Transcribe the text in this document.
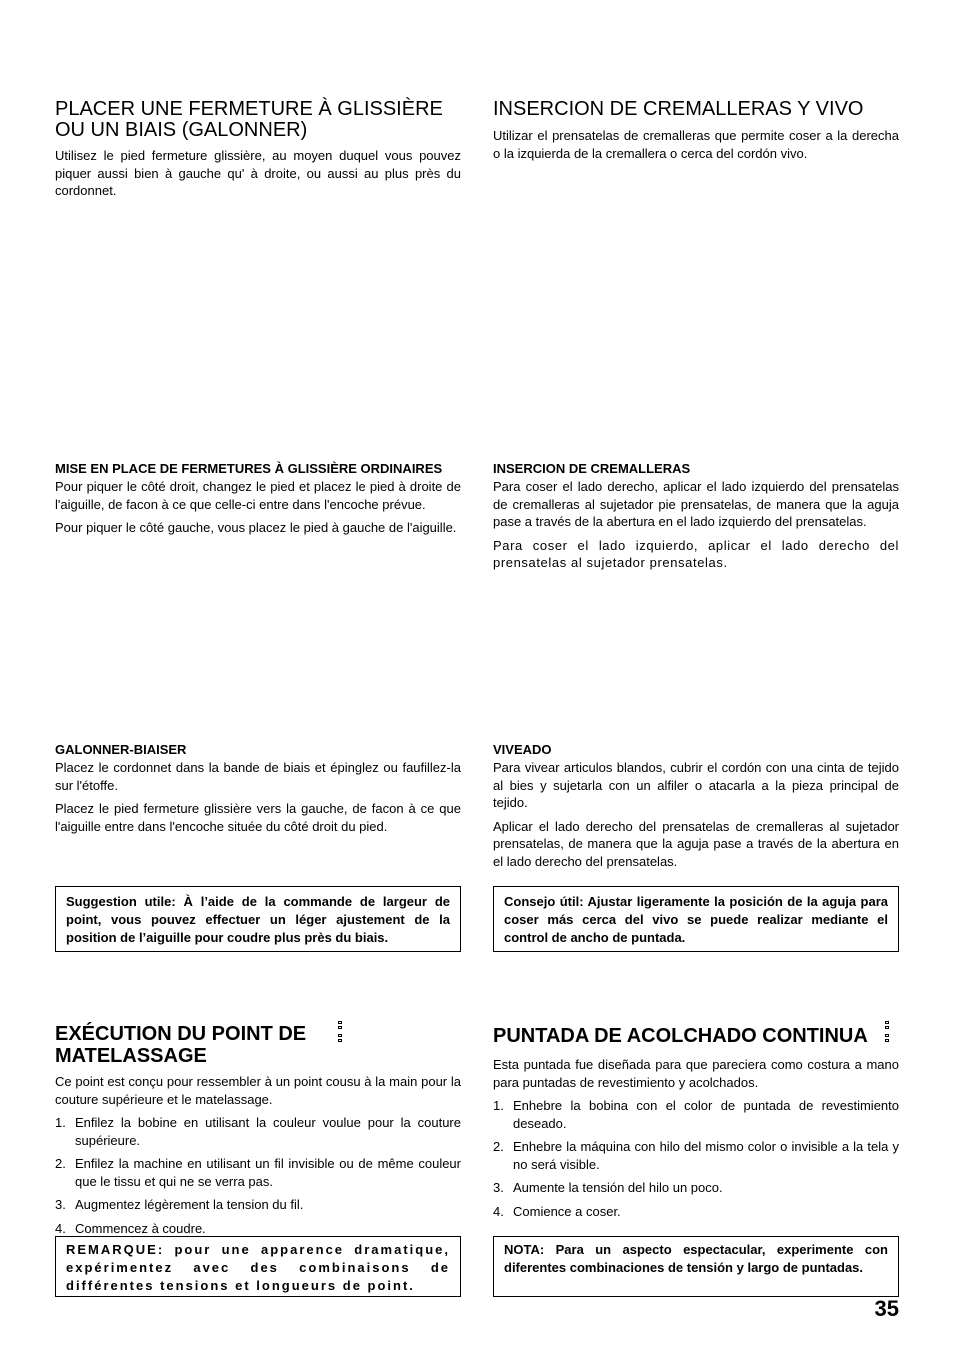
PLACER UNE FERMETURE À GLISSIÈRE OU UN BIAIS (GALONNER)

Utilisez le pied fermeture glissière, au moyen duquel vous pouvez piquer aussi bien à gauche qu' à droite, ou aussi au plus près du cordonnet.

INSERCION DE CREMALLERAS Y VIVO

Utilizar el prensatelas de cremalleras que permite coser a la derecha o la izquierda de la cremallera o cerca del cordón vivo.

MISE EN PLACE DE FERMETURES À GLISSIÈRE ORDINAIRES

Pour piquer le côté droit, changez le pied et placez le pied à droite de l'aiguille, de facon à ce que celle-ci entre dans l'encoche prévue.

Pour piquer le côté gauche, vous placez le pied à gauche de l'aiguille.

INSERCION DE CREMALLERAS

Para coser el lado derecho, aplicar el lado izquierdo del prensatelas de cremalleras al sujetador pie prensatelas, de manera que la aguja pase a través de la abertura en el lado izquierdo del prensatelas.

Para coser el lado izquierdo, aplicar el lado derecho del prensatelas al sujetador prensatelas.

GALONNER-BIAISER

Placez le cordonnet dans la bande de biais et épinglez ou faufillez-la sur l'étoffe.

Placez le pied fermeture glissière vers la gauche, de facon à ce que l'aiguille entre dans l'encoche située du côté droit du pied.

VIVEADO

Para vivear articulos blandos, cubrir el cordón con una cinta de tejido al bies y sujetarla con un alfiler o atacarla a la pieza principal de tejido.

Aplicar el lado derecho del prensatelas de cremalleras al sujetador prensatelas, de manera que la aguja pase a través de la abertura en el lado derecho del prensatelas.

Suggestion utile: À l’aide de la commande de largeur de point, vous pouvez effectuer un léger ajustement de la position de l’aiguille pour coudre plus près du biais.
Consejo útil: Ajustar ligeramente la posición de la aguja para coser más cerca del vivo se puede realizar mediante el control de ancho de puntada.
EXÉCUTION DU POINT DE MATELASSAGE

Ce point est conçu pour ressembler à un point cousu à la main pour la couture supérieure et le matelassage.

1. Enfilez la bobine en utilisant la couleur voulue pour la couture supérieure.
2. Enfilez la machine en utilisant un fil invisible ou de même couleur que le tissu et qui ne se verra pas.
3. Augmentez légèrement la tension du fil.
4. Commencez à coudre.
PUNTADA DE ACOLCHADO CONTINUA

Esta puntada fue diseñada para que pareciera como costura a mano para puntadas de revestimiento y acolchados.

1. Enhebre la bobina con el color de puntada de revestimiento deseado.
2. Enhebre la máquina con hilo del mismo color o invisible a la tela y no será visible.
3. Aumente la tensión del hilo un poco.
4. Comience a coser.
REMARQUE: pour une apparence dramatique, expérimentez avec des combinaisons de différentes tensions et longueurs de point.
NOTA: Para un aspecto espectacular, experimente con diferentes combinaciones de tensión y largo de puntadas.
35
